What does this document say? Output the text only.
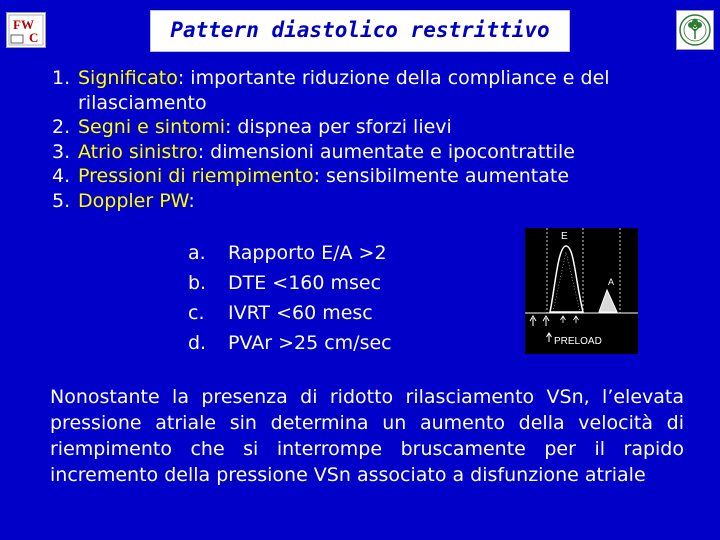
FW
C	Pattern diastolico restrittivo
1. Significato: importante riduzione della compliance e del rilasciamento
2. Segni e sintomi: dispnea per sforzi lievi
3. Atrio sinistro: dimensioni aumentate e ipocontrattile
4. Pressioni di riempimento: sensibilmente aumentate
5. Doppler PW:
a.	Rapporto E/A >2
b.	DTE <160 msec
c.	IVRT <60 mesc
d.	PVAr >25 cm/sec
E
A
PRELOAD
Nonostante la presenza di ridotto rilasciamento VSn, l’elevata pressione atriale sin determina un aumento della velocità di riempimento che si interrompe bruscamente per il rapido incremento della pressione VSn associato a disfunzione atriale
